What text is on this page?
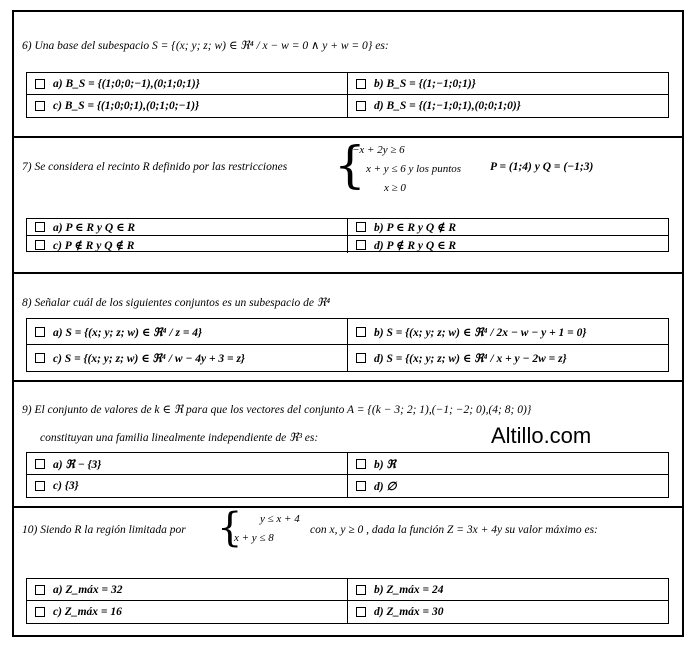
6) Una base del subespacio S = {(x; y; z; w) ∈ ℜ⁴ / x − w = 0 ∧ y + w = 0} es:
a) B_S = {(1;0;0;−1),(0;1;0;1)}	b) B_S = {(1;−1;0;1)}
c) B_S = {(1;0;0;1),(0;1;0;−1)}	d) B_S = {(1;−1;0;1),(0;0;1;0)}
7) Se considera el recinto R definido por las restricciones {
−x + 2y ≥ 6
x + y ≤ 6 y los puntos
x ≥ 0
P = (1;4) y Q = (−1;3)
a) P ∈ R y Q ∈ R	b) P ∈ R y Q ∉ R
c) P ∉ R y Q ∉ R	d) P ∉ R y Q ∈ R
8) Señalar cuál de los siguientes conjuntos es un subespacio de ℜ⁴
a) S = {(x; y; z; w) ∈ ℜ⁴ / z = 4}	b) S = {(x; y; z; w) ∈ ℜ⁴ / 2x − w − y + 1 = 0}
c) S = {(x; y; z; w) ∈ ℜ⁴ / w − 4y + 3 = z}	d) S = {(x; y; z; w) ∈ ℜ⁴ / x + y − 2w = z}
9) El conjunto de valores de k ∈ ℜ para que los vectores del conjunto A = {(k − 3; 2; 1),(−1; −2; 0),(4; 8; 0)}
constituyan una familia linealmente independiente de ℜ³ es:
a) ℜ − {3}	b) ℜ
c) {3}	d) ∅
10) Siendo R la región limitada por {	y ≤ x + 4
x + y ≤ 8
con x, y ≥ 0 , dada la función Z = 3x + 4y su valor máximo es:
a) Z_máx = 32	b) Z_máx = 24
c) Z_máx = 16	d) Z_máx = 30
Altillo.com
